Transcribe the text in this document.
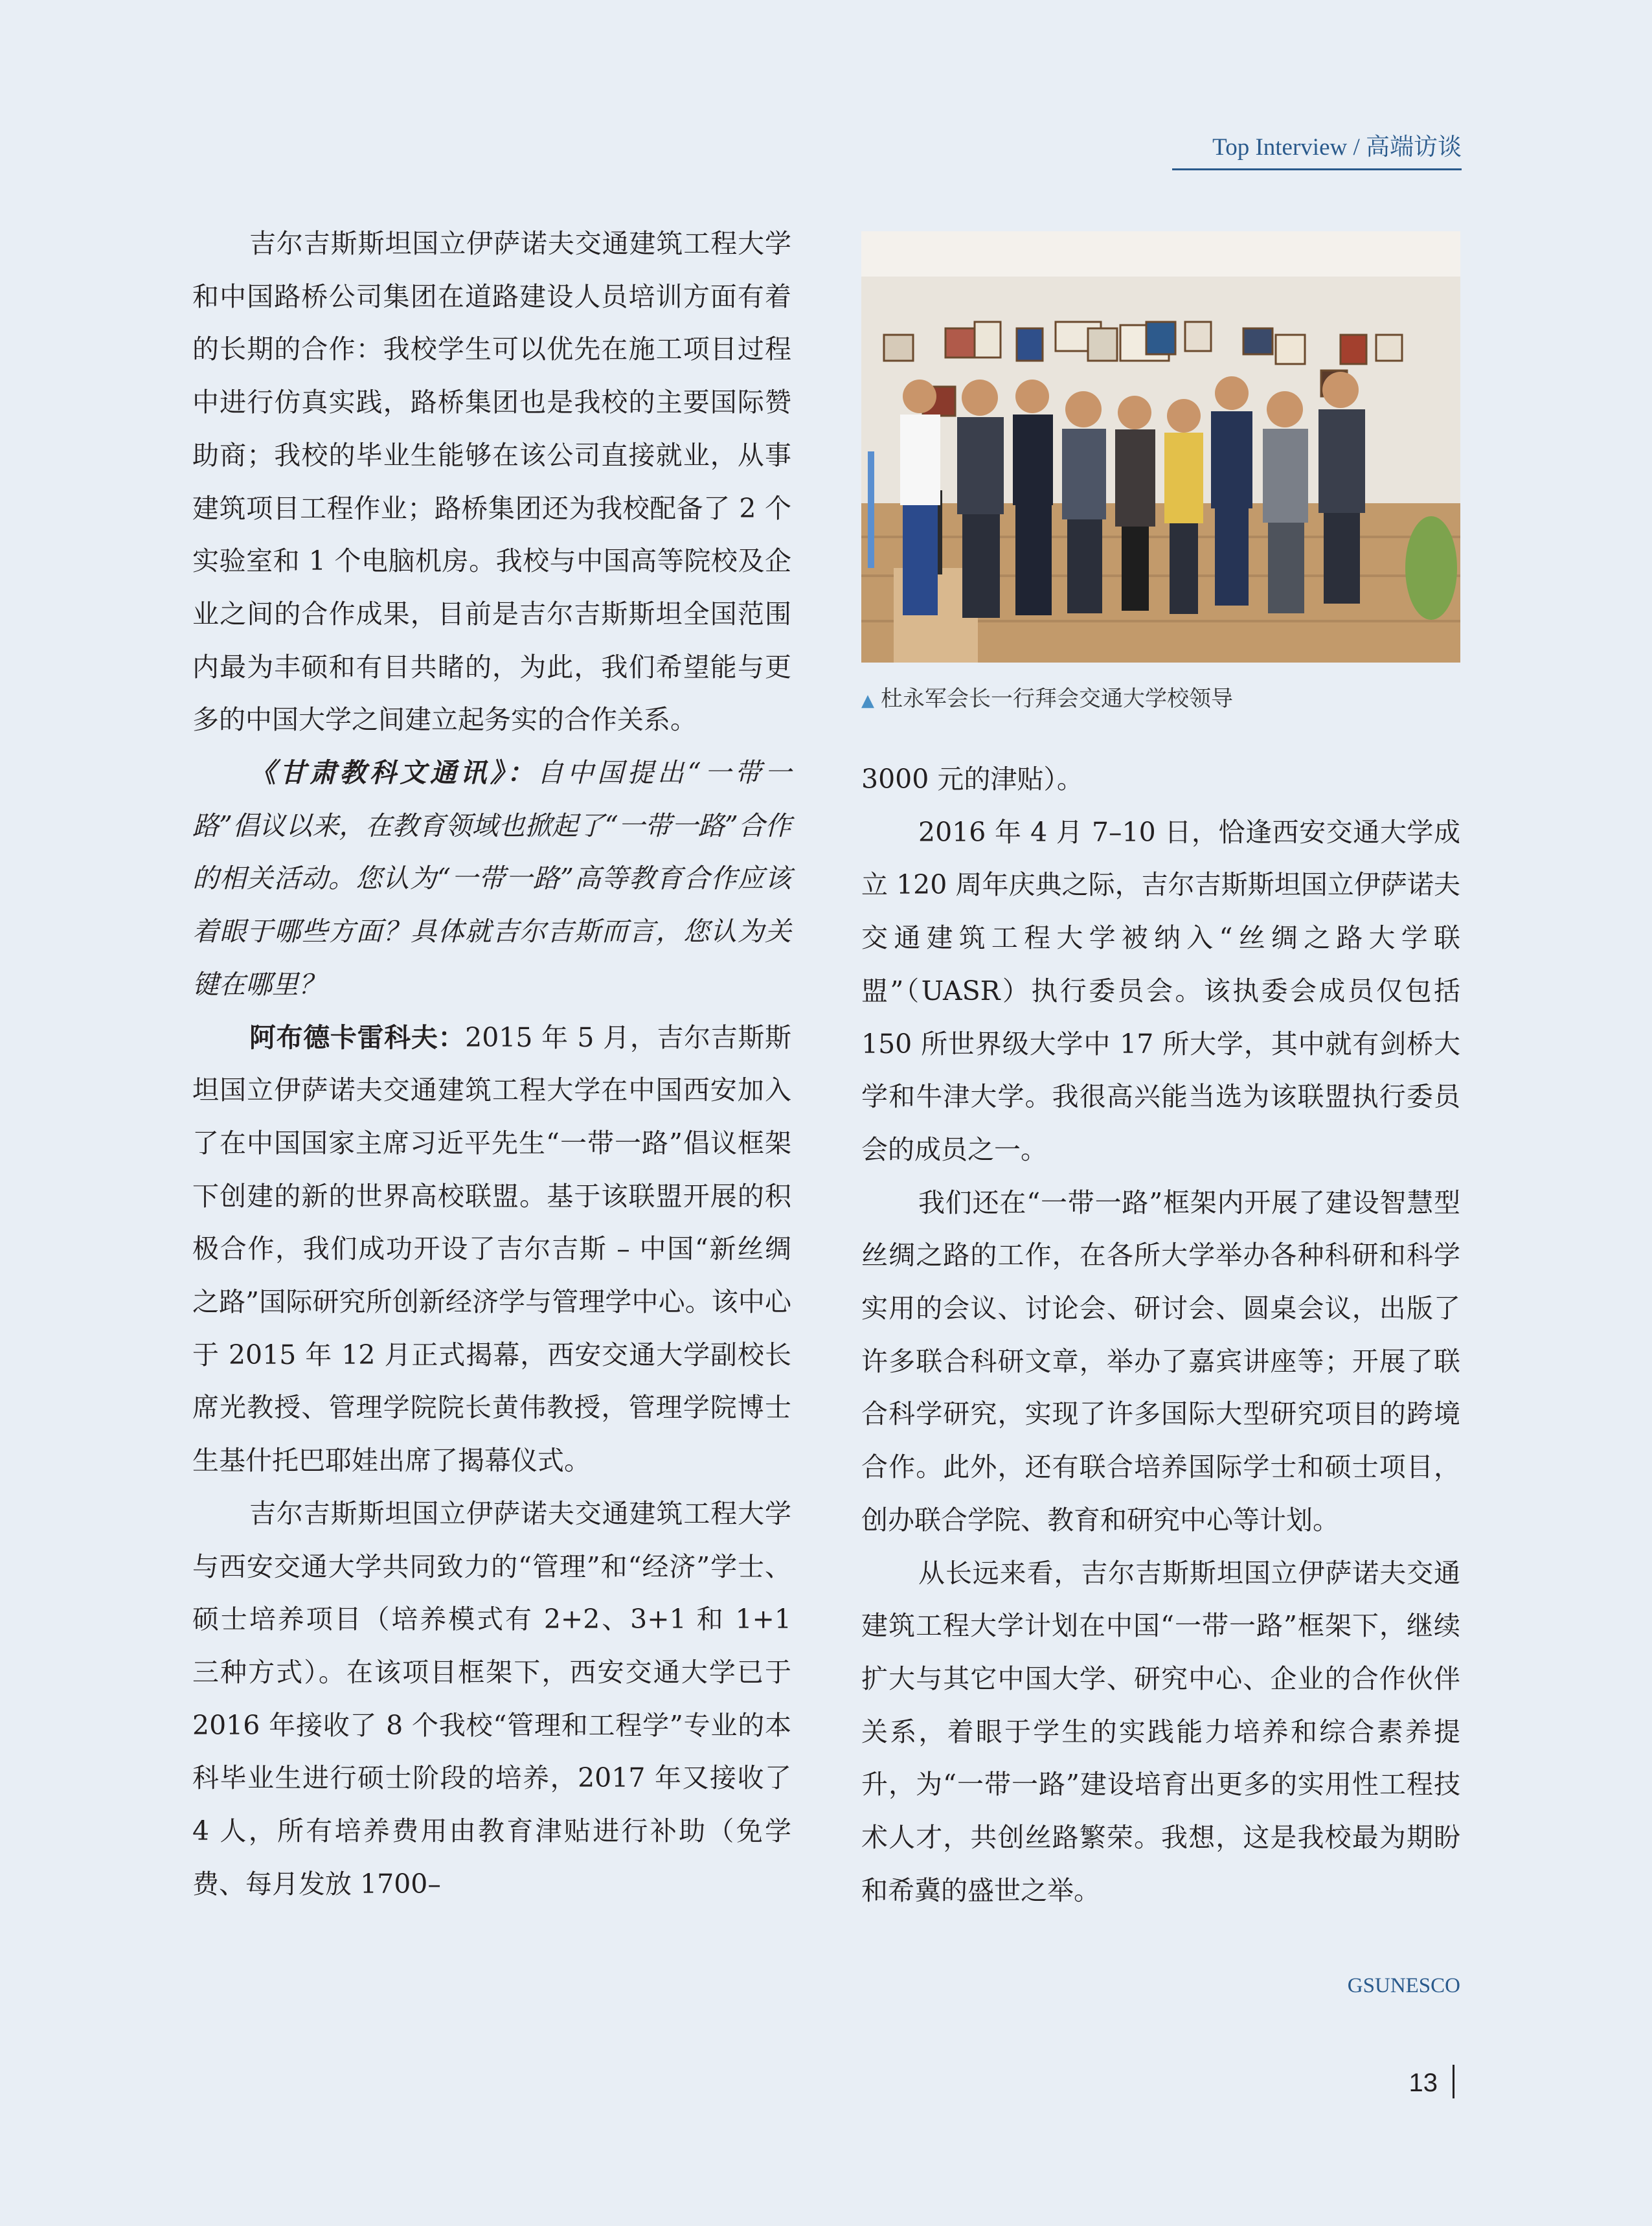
Top Interview / 高端访谈

吉尔吉斯斯坦国立伊萨诺夫交通建筑工程大学和中国路桥公司集团在道路建设人员培训方面有着的长期的合作：我校学生可以优先在施工项目过程中进行仿真实践，路桥集团也是我校的主要国际赞助商；我校的毕业生能够在该公司直接就业，从事建筑项目工程作业；路桥集团还为我校配备了 2 个实验室和 1 个电脑机房。我校与中国高等院校及企业之间的合作成果，目前是吉尔吉斯斯坦全国范围内最为丰硕和有目共睹的，为此，我们希望能与更多的中国大学之间建立起务实的合作关系。

《甘肃教科文通讯》：自中国提出“一带一路”倡议以来，在教育领域也掀起了“一带一路”合作的相关活动。您认为“一带一路”高等教育合作应该着眼于哪些方面？具体就吉尔吉斯而言，您认为关键在哪里？

阿布德卡雷科夫：2015 年 5 月，吉尔吉斯斯坦国立伊萨诺夫交通建筑工程大学在中国西安加入了在中国国家主席习近平先生“一带一路”倡议框架下创建的新的世界高校联盟。基于该联盟开展的积极合作，我们成功开设了吉尔吉斯 – 中国“新丝绸之路”国际研究所创新经济学与管理学中心。该中心于 2015 年 12 月正式揭幕，西安交通大学副校长席光教授、管理学院院长黄伟教授，管理学院博士生基什托巴耶娃出席了揭幕仪式。

吉尔吉斯斯坦国立伊萨诺夫交通建筑工程大学与西安交通大学共同致力的“管理”和“经济”学士、硕士培养项目（培养模式有 2+2、3+1 和 1+1 三种方式）。在该项目框架下，西安交通大学已于 2016 年接收了 8 个我校“管理和工程学”专业的本科毕业生进行硕士阶段的培养，2017 年又接收了 4 人，所有培养费用由教育津贴进行补助（免学费、每月发放 1700–

▲ 杜永军会长一行拜会交通大学校领导

3000 元的津贴）。

2016 年 4 月 7–10 日，恰逢西安交通大学成立 120 周年庆典之际，吉尔吉斯斯坦国立伊萨诺夫交通建筑工程大学被纳入“丝绸之路大学联盟”（UASR）执行委员会。该执委会成员仅包括 150 所世界级大学中 17 所大学，其中就有剑桥大学和牛津大学。我很高兴能当选为该联盟执行委员会的成员之一。

我们还在“一带一路”框架内开展了建设智慧型丝绸之路的工作，在各所大学举办各种科研和科学实用的会议、讨论会、研讨会、圆桌会议，出版了许多联合科研文章，举办了嘉宾讲座等；开展了联合科学研究，实现了许多国际大型研究项目的跨境合作。此外，还有联合培养国际学士和硕士项目，创办联合学院、教育和研究中心等计划。

从长远来看，吉尔吉斯斯坦国立伊萨诺夫交通建筑工程大学计划在中国“一带一路”框架下，继续扩大与其它中国大学、研究中心、企业的合作伙伴关系，着眼于学生的实践能力培养和综合素养提升，为“一带一路”建设培育出更多的实用性工程技术人才，共创丝路繁荣。我想，这是我校最为期盼和希冀的盛世之举。

GSUNESCO
13
